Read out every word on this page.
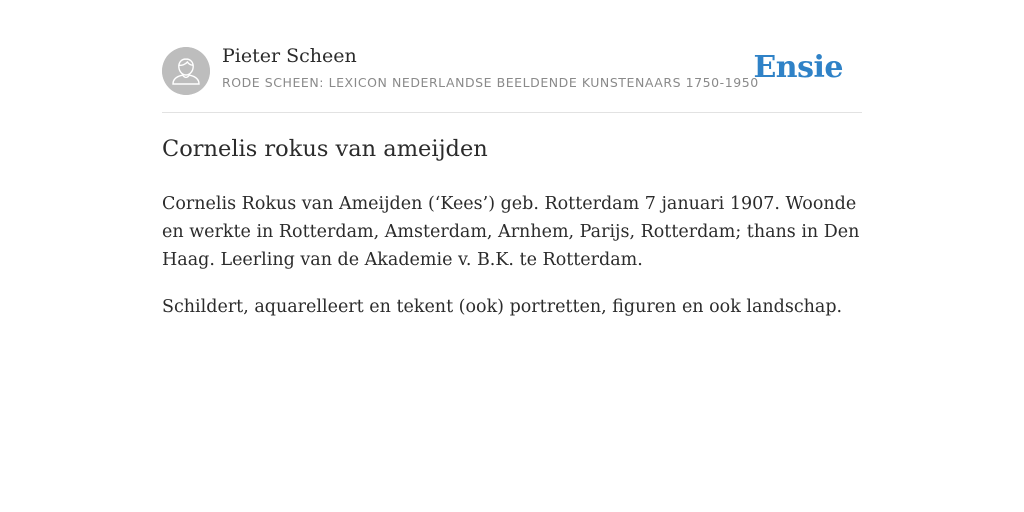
Pieter Scheen
RODE SCHEEN: LEXICON NEDERLANDSE BEELDENDE KUNSTENAARS 1750-1950
Ensie
Cornelis rokus van ameijden

Cornelis Rokus van Ameijden (‘Kees’) geb. Rotterdam 7 januari 1907. Woonde en werkte in Rotterdam, Amsterdam, Arnhem, Parijs, Rotterdam; thans in Den Haag. Leerling van de Akademie v. B.K. te Rotterdam.

Schildert, aquarelleert en tekent (ook) portretten, figuren en ook landschap.
